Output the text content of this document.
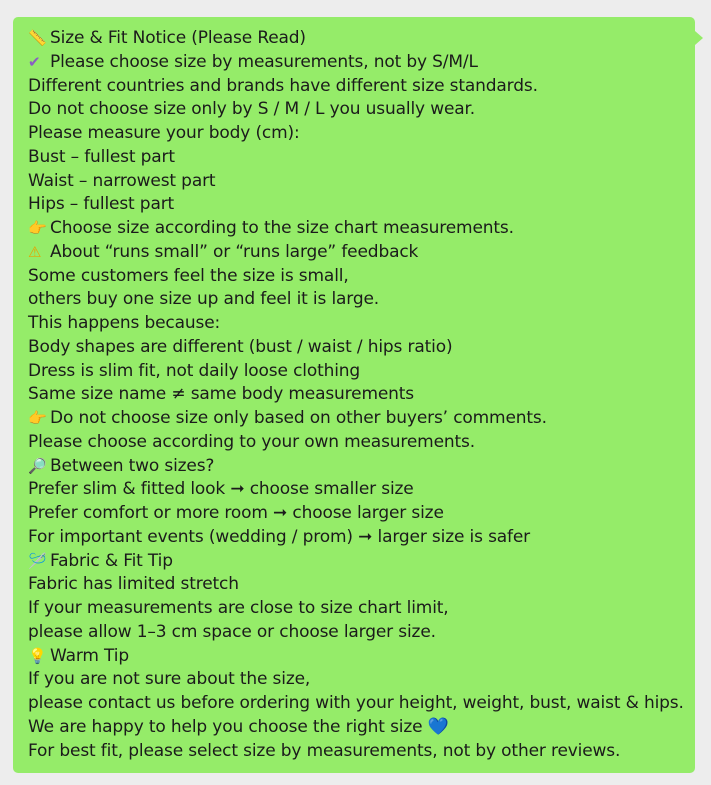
📏 Size & Fit Notice (Please Read)
✔ Please choose size by measurements, not by S/M/L
Different countries and brands have different size standards.
Do not choose size only by S / M / L you usually wear.
Please measure your body (cm):
Bust – fullest part
Waist – narrowest part
Hips – fullest part
👉 Choose size according to the size chart measurements.
⚠ About “runs small” or “runs large” feedback
Some customers feel the size is small,
others buy one size up and feel it is large.
This happens because:
Body shapes are different (bust / waist / hips ratio)
Dress is slim fit, not daily loose clothing
Same size name ≠ same body measurements
👉 Do not choose size only based on other buyers’ comments.
Please choose according to your own measurements.
🔎 Between two sizes?
Prefer slim & fitted look ➞ choose smaller size
Prefer comfort or more room ➞ choose larger size
For important events (wedding / prom) ➞ larger size is safer
🪡 Fabric & Fit Tip
Fabric has limited stretch
If your measurements are close to size chart limit,
please allow 1–3 cm space or choose larger size.
💡 Warm Tip
If you are not sure about the size,
please contact us before ordering with your height, weight, bust, waist & hips.
We are happy to help you choose the right size 💙
For best fit, please select size by measurements, not by other reviews.
